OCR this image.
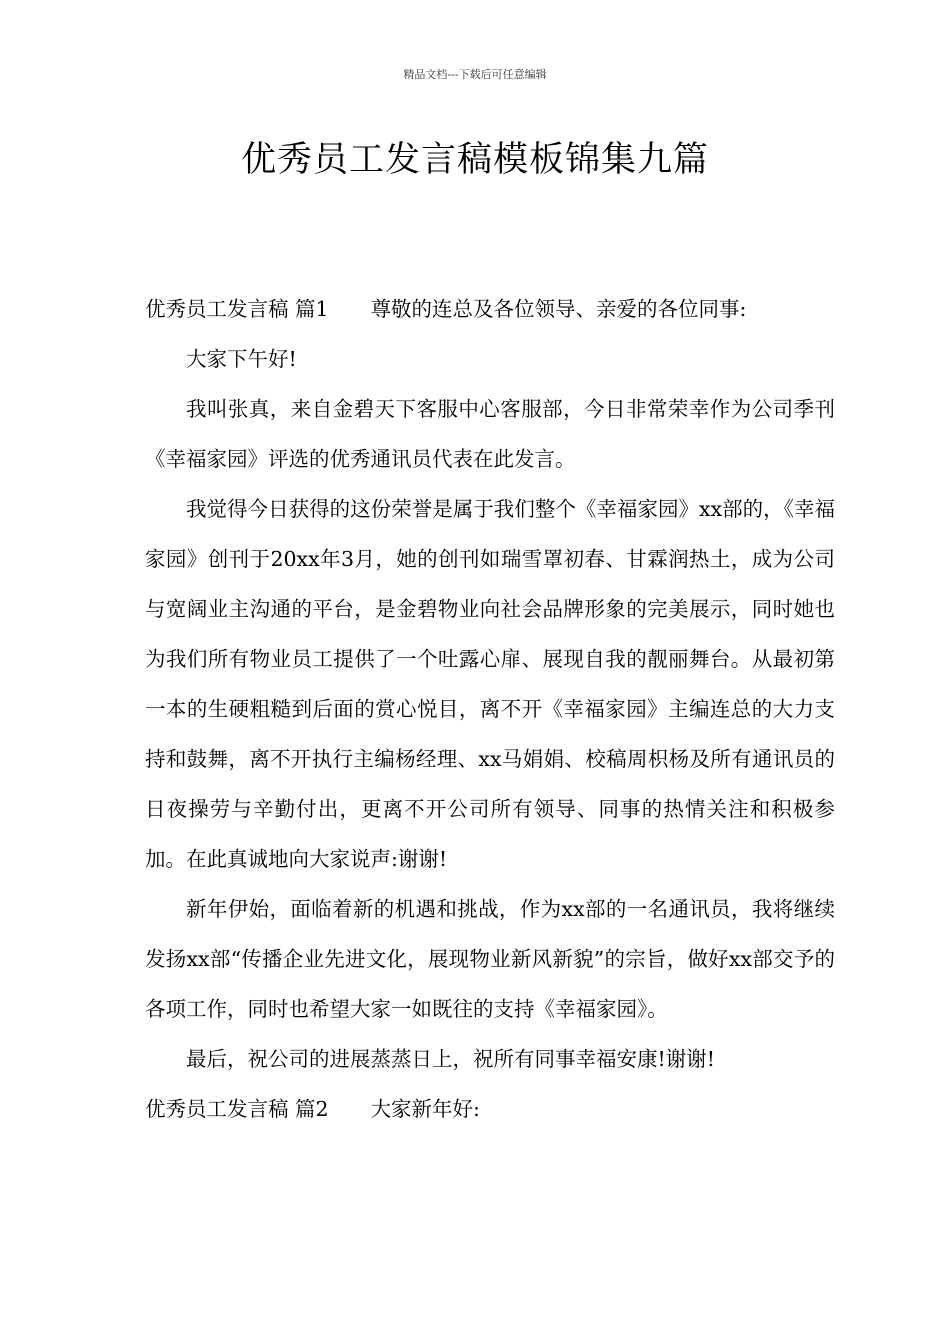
精品文档---下载后可任意编辑
优秀员工发言稿模板锦集九篇

优秀员工发言稿 篇1 尊敬的连总及各位领导、亲爱的各位同事:

大家下午好!

我叫张真，来自金碧天下客服中心客服部，今日非常荣幸作为公司季刊《幸福家园》评选的优秀通讯员代表在此发言。

我觉得今日获得的这份荣誉是属于我们整个《幸福家园》xx部的，《幸福家园》创刊于20xx年3月，她的创刊如瑞雪罩初春、甘霖润热土，成为公司与宽阔业主沟通的平台，是金碧物业向社会品牌形象的完美展示，同时她也为我们所有物业员工提供了一个吐露心扉、展现自我的靓丽舞台。从最初第一本的生硬粗糙到后面的赏心悦目，离不开《幸福家园》主编连总的大力支持和鼓舞，离不开执行主编杨经理、xx马娟娟、校稿周枳杨及所有通讯员的日夜操劳与辛勤付出，更离不开公司所有领导、同事的热情关注和积极参加。在此真诚地向大家说声:谢谢!

新年伊始，面临着新的机遇和挑战，作为xx部的一名通讯员，我将继续发扬xx部“传播企业先进文化，展现物业新风新貌”的宗旨，做好xx部交予的各项工作，同时也希望大家一如既往的支持《幸福家园》。

最后，祝公司的进展蒸蒸日上，祝所有同事幸福安康!谢谢!

优秀员工发言稿 篇2 大家新年好:
